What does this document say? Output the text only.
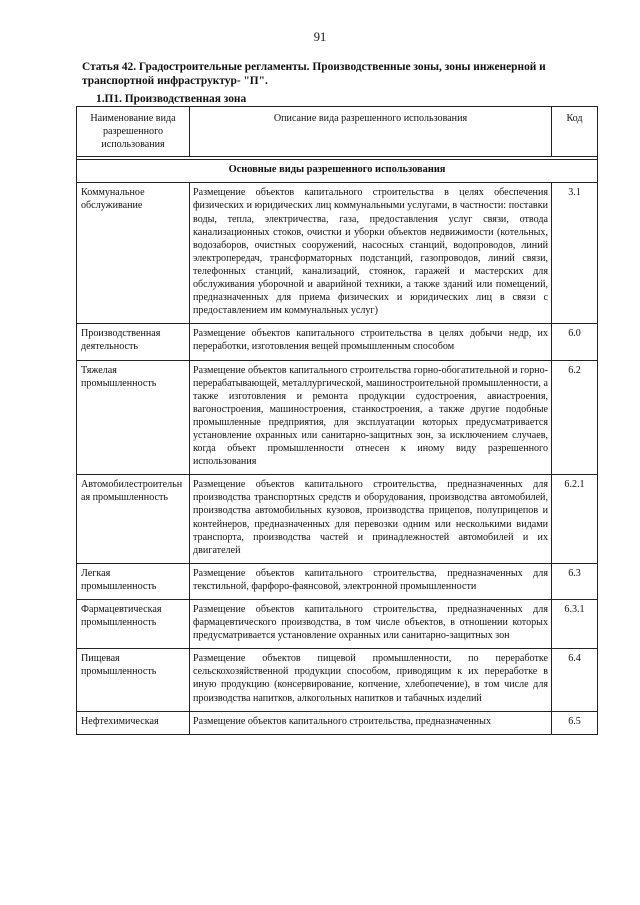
91
Статья 42. Градостроительные регламенты. Производственные зоны, зоны инженерной и транспортной инфраструктур- "П".
1.П1. Производственная зона
Наименование вида разрешенного использования	Описание вида разрешенного использования	Код

Основные виды разрешенного использования		
Коммунальное обслуживание	Размещение объектов капитального строительства в целях обеспечения физических и юридических лиц коммунальными услугами, в частности: поставки воды, тепла, электричества, газа, предоставления услуг связи, отвода канализационных стоков, очистки и уборки объектов недвижимости (котельных, водозаборов, очистных сооружений, насосных станций, водопроводов, линий электропередач, трансформаторных подстанций, газопроводов, линий связи, телефонных станций, канализаций, стоянок, гаражей и мастерских для обслуживания уборочной и аварийной техники, а также зданий или помещений, предназначенных для приема физических и юридических лиц в связи с предоставлением им коммунальных услуг)	3.1
Производственная деятельность	Размещение объектов капитального строительства в целях добычи недр, их переработки, изготовления вещей промышленным способом	6.0
Тяжелая промышленность	Размещение объектов капитального строительства горно-обогатительной и горно-перерабатывающей, металлургической, машиностроительной промышленности, а также изготовления и ремонта продукции судостроения, авиастроения, вагоностроения, машиностроения, станкостроения, а также другие подобные промышленные предприятия, для эксплуатации которых предусматривается установление охранных или санитарно-защитных зон, за исключением случаев, когда объект промышленности отнесен к иному виду разрешенного использования	6.2
Автомобилестроительная промышленность	Размещение объектов капитального строительства, предназначенных для производства транспортных средств и оборудования, производства автомобилей, производства автомобильных кузовов, производства прицепов, полуприцепов и контейнеров, предназначенных для перевозки одним или несколькими видами транспорта, производства частей и принадлежностей автомобилей и их двигателей	6.2.1
Легкая промышленность	Размещение объектов капитального строительства, предназначенных для текстильной, фарфоро-фаянсовой, электронной промышленности	6.3
Фармацевтическая промышленность	Размещение объектов капитального строительства, предназначенных для фармацевтического производства, в том числе объектов, в отношении которых предусматривается установление охранных или санитарно-защитных зон	6.3.1
Пищевая промышленность	Размещение объектов пищевой промышленности, по переработке сельскохозяйственной продукции способом, приводящим к их переработке в иную продукцию (консервирование, копчение, хлебопечение), в том числе для производства напитков, алкогольных напитков и табачных изделий	6.4
Нефтехимическая	Размещение объектов капитального строительства, предназначенных	6.5
